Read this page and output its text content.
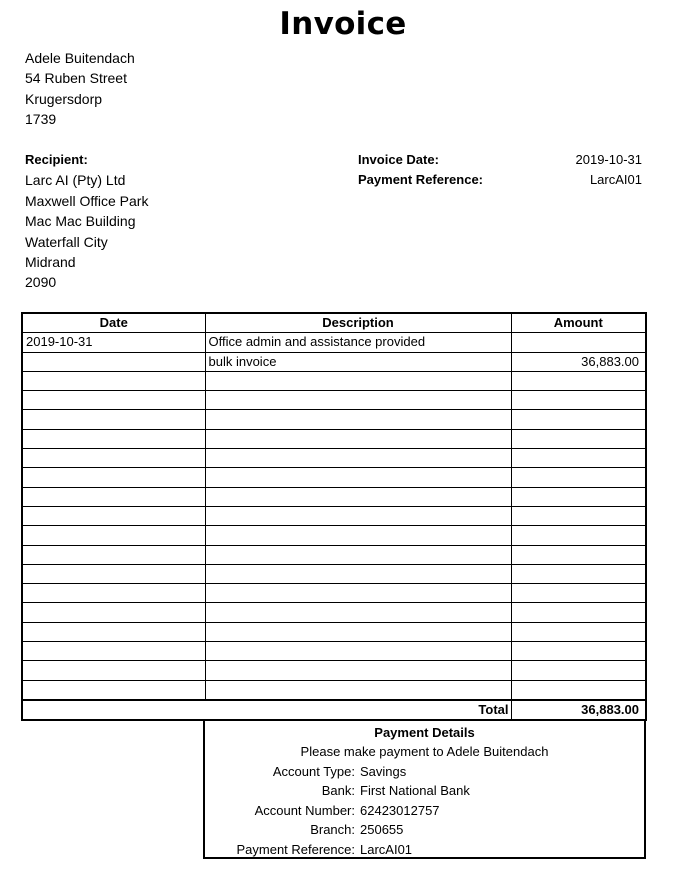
Invoice
Adele Buitendach
54 Ruben Street
Krugersdorp
1739
Recipient:
Larc AI (Pty) Ltd
Maxwell Office Park
Mac Mac Building
Waterfall City
Midrand
2090
Invoice Date:	2019-10-31
Payment Reference:	LarcAI01
Date	Description	Amount
2019-10-31	Office admin and assistance provided	
	bulk invoice	36,883.00

Total		36,883.00
Payment Details
Please make payment to Adele Buitendach
Account Type: Savings
Bank: First National Bank
Account Number: 62423012757
Branch: 250655
Payment Reference: LarcAI01
